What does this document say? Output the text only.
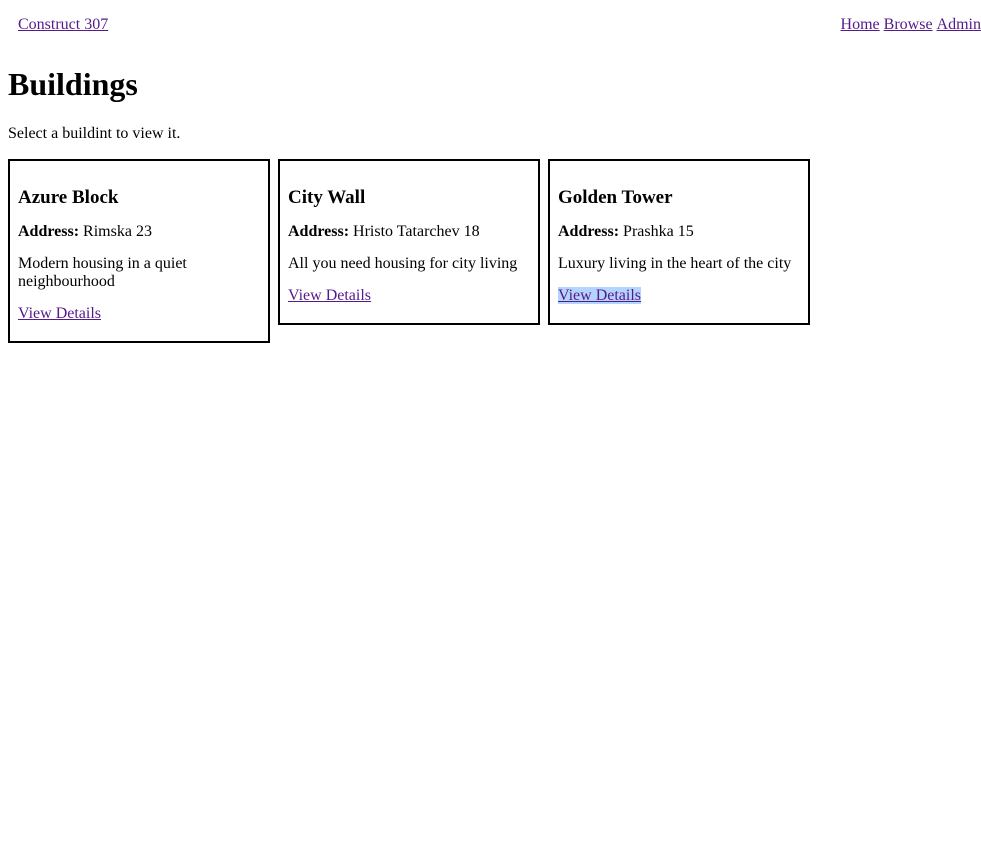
Construct 307	Home Browse Admin
Buildings

Select a buildint to view it.

Azure Block

Address: Rimska 23

Modern housing in a quiet neighbourhood

View Details

City Wall

Address: Hristo Tatarchev 18

All you need housing for city living

View Details

Golden Tower

Address: Prashka 15

Luxury living in the heart of the city

View Details
